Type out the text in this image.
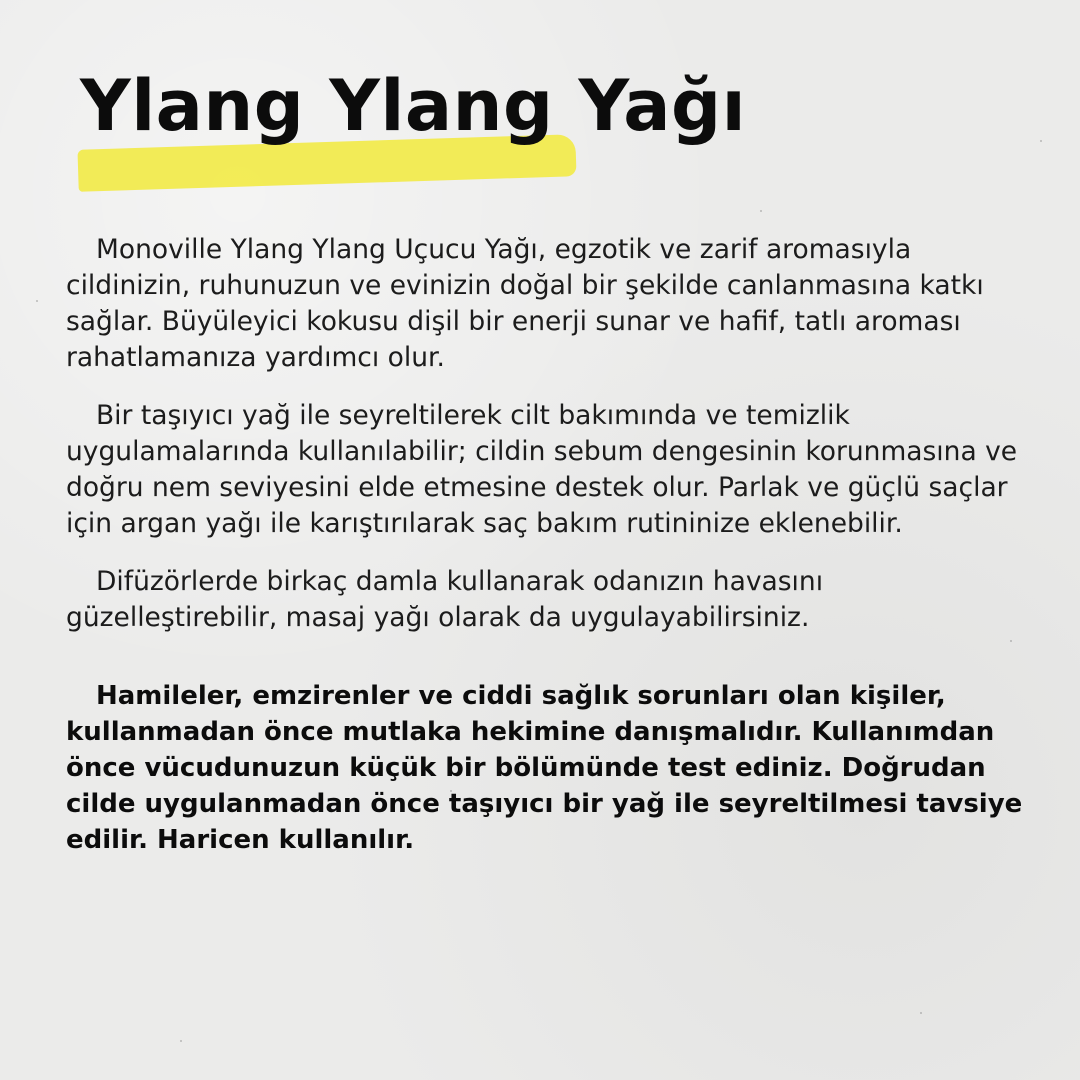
Ylang Ylang Yağı

Monoville Ylang Ylang Uçucu Yağı, egzotik ve zarif aromasıyla cildinizin, ruhunuzun ve evinizin doğal bir şekilde canlanmasına katkı sağlar. Büyüleyici kokusu dişil bir enerji sunar ve hafif, tatlı aroması rahatlamanıza yardımcı olur.

Bir taşıyıcı yağ ile seyreltilerek cilt bakımında ve temizlik uygulamalarında kullanılabilir; cildin sebum dengesinin korunmasına ve doğru nem seviyesini elde etmesine destek olur. Parlak ve güçlü saçlar için argan yağı ile karıştırılarak saç bakım rutininize eklenebilir.

Difüzörlerde birkaç damla kullanarak odanızın havasını güzelleştirebilir, masaj yağı olarak da uygulayabilirsiniz.

Hamileler, emzirenler ve ciddi sağlık sorunları olan kişiler, kullanmadan önce mutlaka hekimine danışmalıdır. Kullanımdan önce vücudunuzun küçük bir bölümünde test ediniz. Doğrudan cilde uygulanmadan önce taşıyıcı bir yağ ile seyreltilmesi tavsiye edilir. Haricen kullanılır.
